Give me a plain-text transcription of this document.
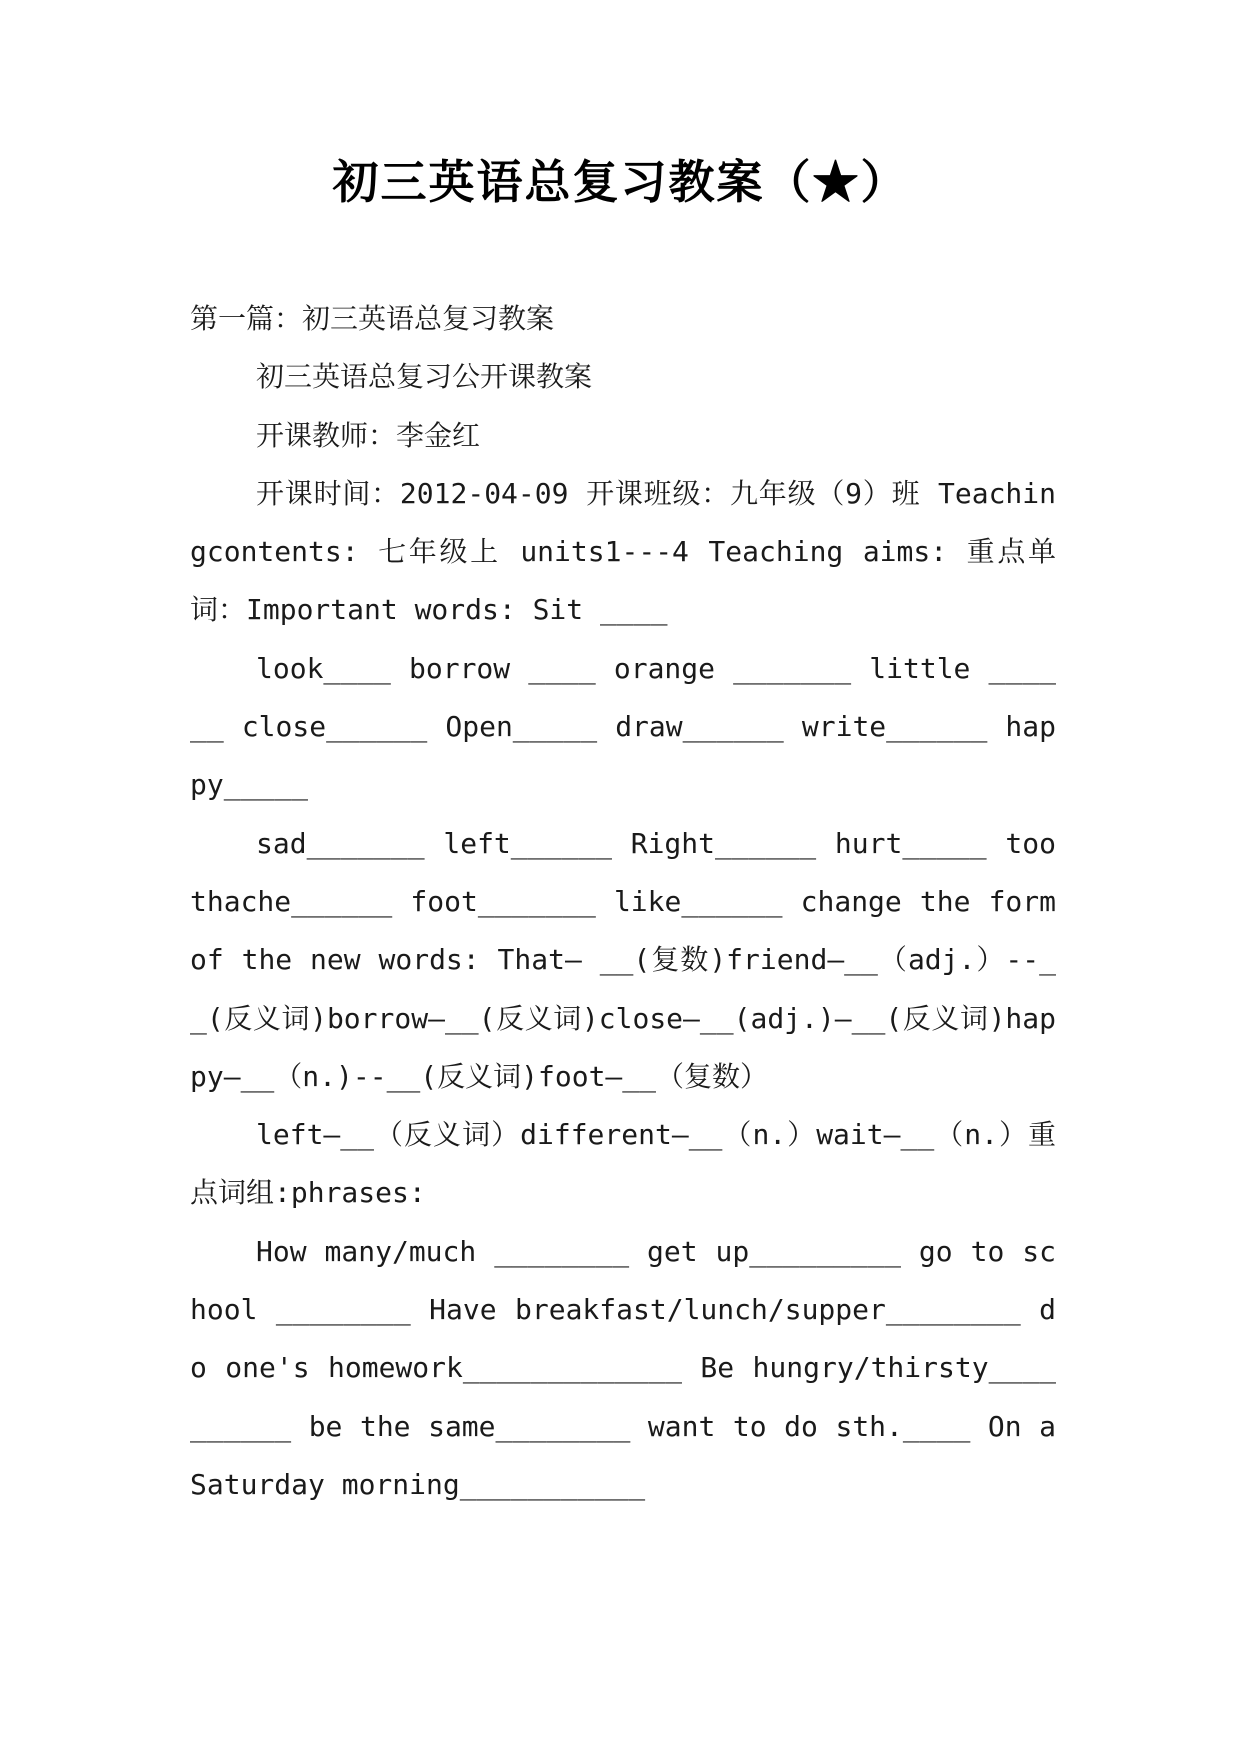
初三英语总复习教案（★）

第一篇：初三英语总复习教案

初三英语总复习公开课教案

开课教师：李金红

开课时间：2012-04-09 开课班级：九年级（9）班 Teachingcontents: 七年级上 units1---4 Teaching aims: 重点单词：Important words: Sit ____

look____ borrow ____ orange _______ little ______ close______ Open_____ draw______ write______ happy_____

sad_______ left______ Right______ hurt_____ toothache______ foot_______ like______ change the form of the new words: That— __(复数)friend—__（adj.）--__(反义词)borrow—__(反义词)close—__(adj.)—__(反义词)happy—__（n.)--__(反义词)foot—__（复数）

left—__（反义词）different—__（n.）wait—__（n.）重点词组:phrases:

How many/much ________ get up_________ go to school ________ Have breakfast/lunch/supper________ do one's homework_____________ Be hungry/thirsty__________ be the same________ want to do sth.____ On a Saturday morning___________
